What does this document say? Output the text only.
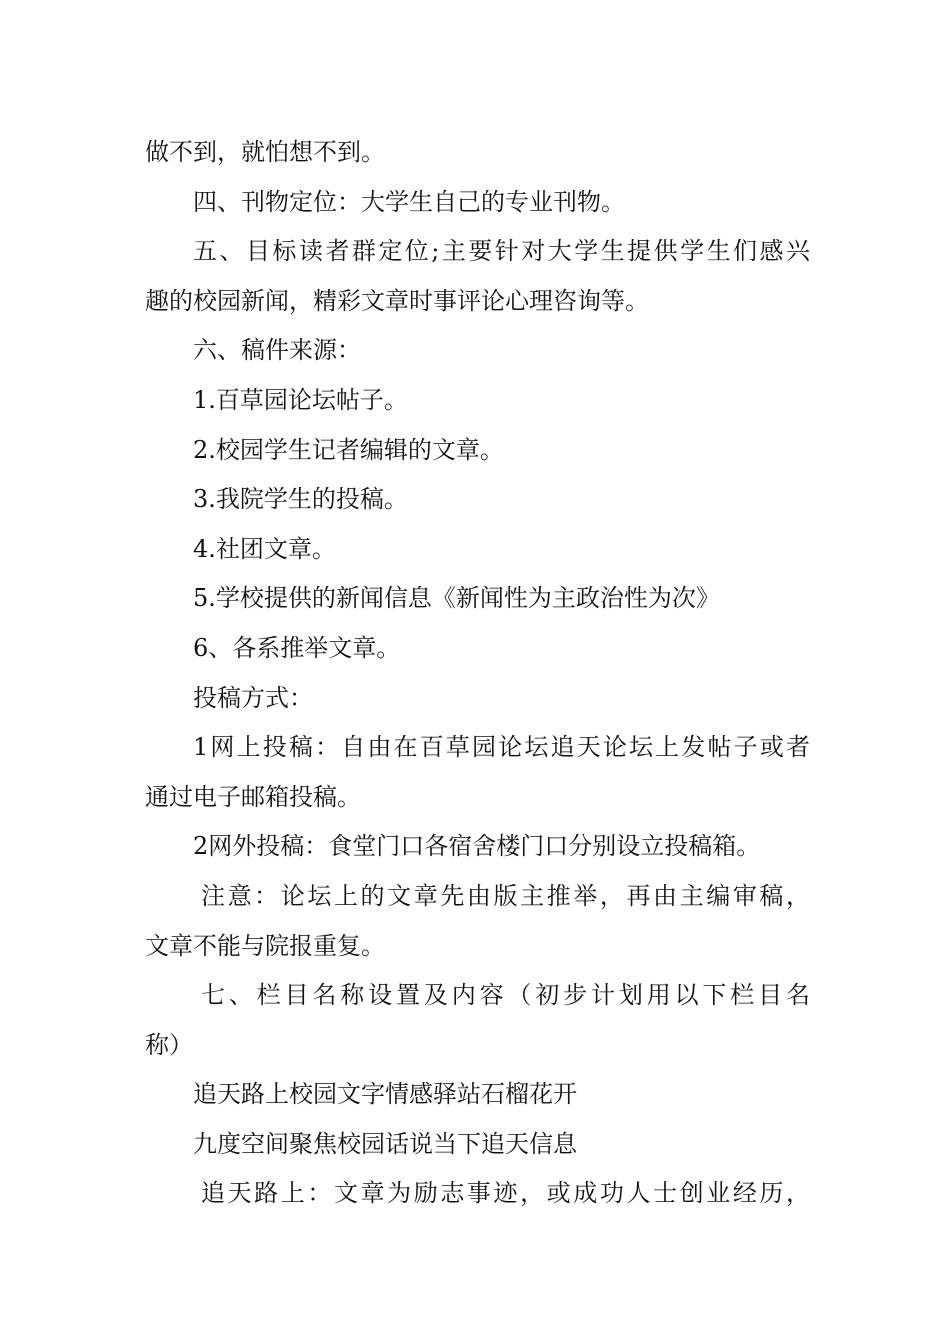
做不到，就怕想不到。
四、刊物定位：大学生自己的专业刊物。
五、目标读者群定位;主要针对大学生提供学生们感兴
趣的校园新闻，精彩文章时事评论心理咨询等。
六、稿件来源：
1.百草园论坛帖子。
2.校园学生记者编辑的文章。
3.我院学生的投稿。
4.社团文章。
5.学校提供的新闻信息《新闻性为主政治性为次》
6、各系推举文章。
投稿方式：
1网上投稿：自由在百草园论坛追天论坛上发帖子或者
通过电子邮箱投稿。
2网外投稿：食堂门口各宿舍楼门口分别设立投稿箱。
注意：论坛上的文章先由版主推举，再由主编审稿，
文章不能与院报重复。
七、栏目名称设置及内容（初步计划用以下栏目名
称）
追天路上校园文字情感驿站石榴花开
九度空间聚焦校园话说当下追天信息
追天路上：文章为励志事迹，或成功人士创业经历，
